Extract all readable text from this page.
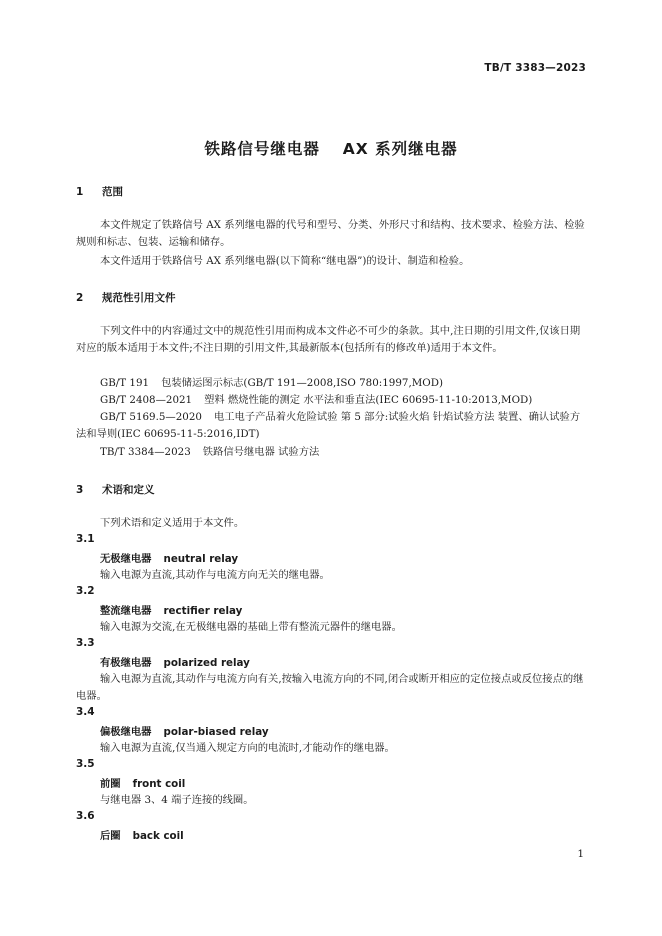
TB/T 3383—2023
铁路信号继电器　 AX 系列继电器
1 范围
本文件规定了铁路信号 AX 系列继电器的代号和型号、分类、外形尺寸和结构、技术要求、检验方法、检验规则和标志、包装、运输和储存。
本文件适用于铁路信号 AX 系列继电器(以下简称“继电器”)的设计、制造和检验。
2 规范性引用文件
下列文件中的内容通过文中的规范性引用而构成本文件必不可少的条款。其中,注日期的引用文件,仅该日期对应的版本适用于本文件;不注日期的引用文件,其最新版本(包括所有的修改单)适用于本文件。
GB/T 191 包装储运图示标志(GB/T 191—2008,ISO 780:1997,MOD)
GB/T 2408—2021 塑料 燃烧性能的测定 水平法和垂直法(IEC 60695-11-10:2013,MOD)
GB/T 5169.5—2020 电工电子产品着火危险试验 第 5 部分:试验火焰 针焰试验方法 装置、确认试验方法和导则(IEC 60695-11-5:2016,IDT)
TB/T 3384—2023 铁路信号继电器 试验方法
3 术语和定义
下列术语和定义适用于本文件。
3.1
无极继电器 neutral relay
输入电源为直流,其动作与电流方向无关的继电器。
3.2
整流继电器 rectifier relay
输入电源为交流,在无极继电器的基础上带有整流元器件的继电器。
3.3
有极继电器 polarized relay
输入电源为直流,其动作与电流方向有关,按输入电流方向的不同,闭合或断开相应的定位接点或反位接点的继电器。
3.4
偏极继电器 polar-biased relay
输入电源为直流,仅当通入规定方向的电流时,才能动作的继电器。
3.5
前圈 front coil
与继电器 3、4 端子连接的线圈。
3.6
后圈 back coil
1
